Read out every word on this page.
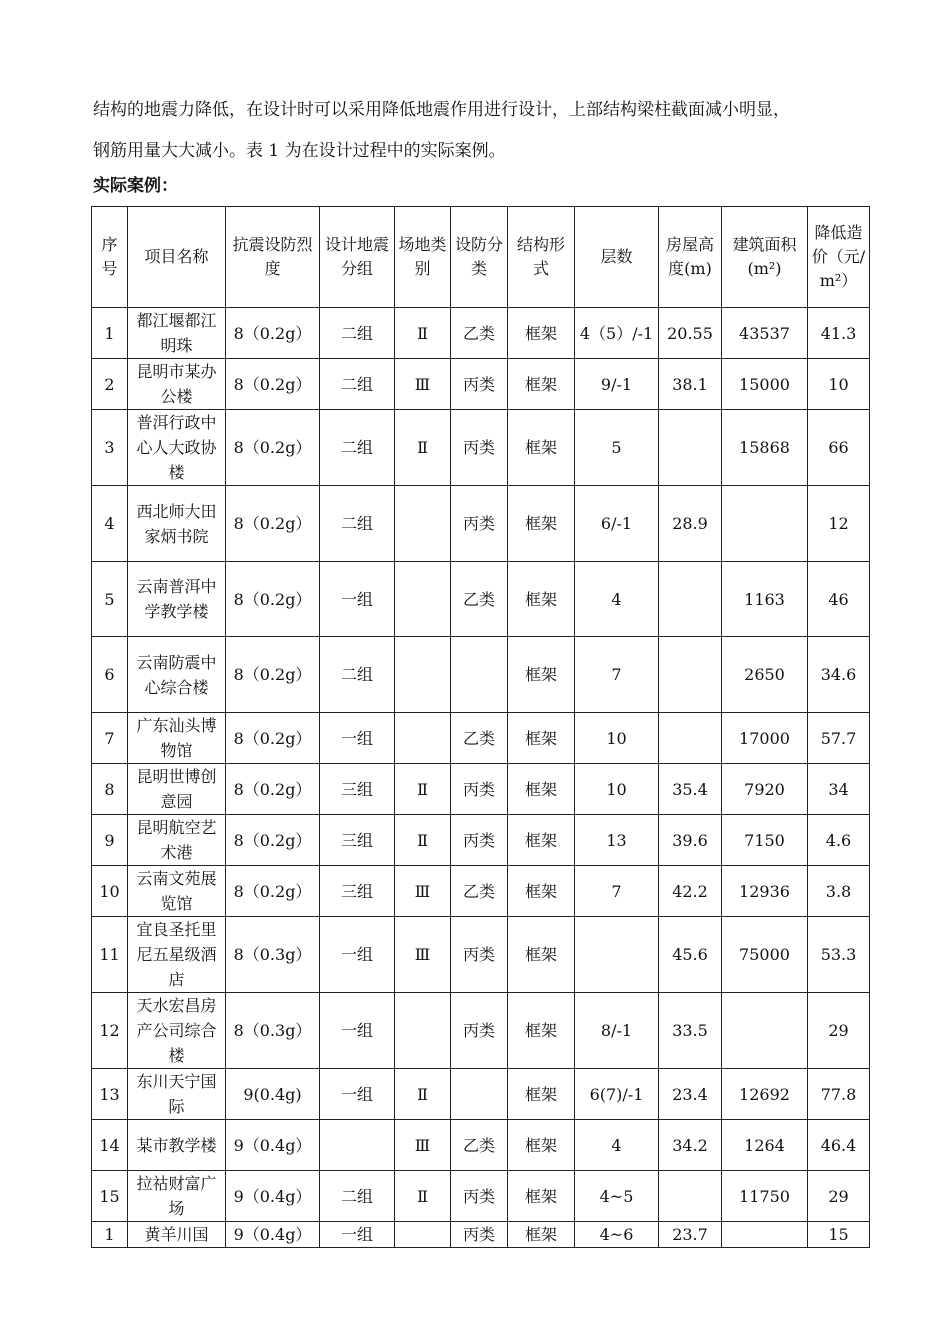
结构的地震力降低，在设计时可以采用降低地震作用进行设计，上部结构梁柱截面减小明显，
钢筋用量大大减小。表 1 为在设计过程中的实际案例。
实际案例：
序号	项目名称	抗震设防烈度	设计地震分组	场地类别	设防分类	结构形式	层数	房屋高度(m)	建筑面积(m²)	降低造价（元/m²）
1	都江堰都江明珠	8（0.2g）	二组	Ⅱ	乙类	框架	4（5）/-1	20.55	43537	41.3
2	昆明市某办公楼	8（0.2g）	二组	Ⅲ	丙类	框架	9/-1	38.1	15000	10
3	普洱行政中心人大政协楼	8（0.2g）	二组	Ⅱ	丙类	框架	5		15868	66
4	西北师大田家炳书院	8（0.2g）	二组		丙类	框架	6/-1	28.9		12
5	云南普洱中学教学楼	8（0.2g）	一组		乙类	框架	4		1163	46
6	云南防震中心综合楼	8（0.2g）	二组			框架	7		2650	34.6
7	广东汕头博物馆	8（0.2g）	一组		乙类	框架	10		17000	57.7
8	昆明世博创意园	8（0.2g）	三组	Ⅱ	丙类	框架	10	35.4	7920	34
9	昆明航空艺术港	8（0.2g）	三组	Ⅱ	丙类	框架	13	39.6	7150	4.6
10	云南文苑展览馆	8（0.2g）	三组	Ⅲ	乙类	框架	7	42.2	12936	3.8
11	宜良圣托里尼五星级酒店	8（0.3g）	一组	Ⅲ	丙类	框架		45.6	75000	53.3
12	天水宏昌房产公司综合楼	8（0.3g）	一组		丙类	框架	8/-1	33.5		29
13	东川天宁国际	9(0.4g)	一组	Ⅱ		框架	6(7)/-1	23.4	12692	77.8
14	某市教学楼	9（0.4g）		Ⅲ	乙类	框架	4	34.2	1264	46.4
15	拉祜财富广场	9（0.4g）	二组	Ⅱ	丙类	框架	4~5		11750	29
1	黄羊川国	9（0.4g）	一组		丙类	框架	4~6	23.7		15
